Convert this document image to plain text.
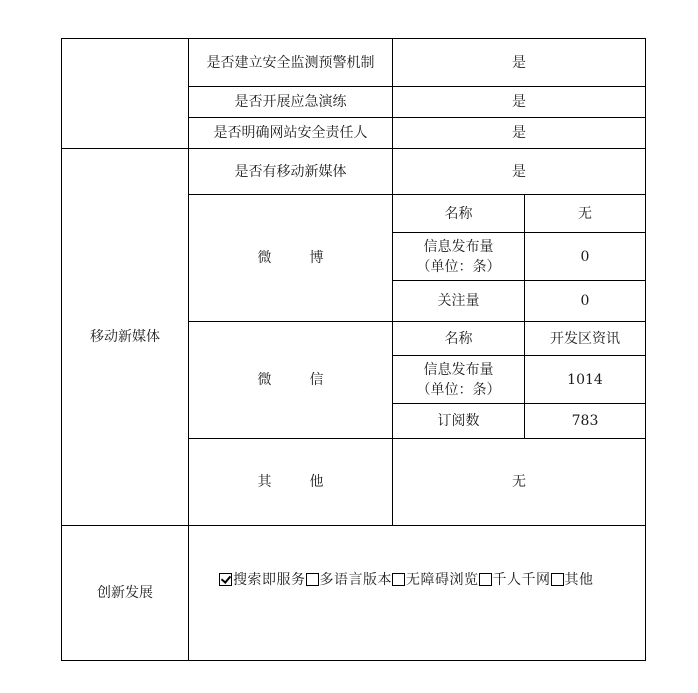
	是否建立安全监测预警机制	是	
	是否开展应急演练	是	
	是否明确网站安全责任人	是	
移动新媒体	是否有移动新媒体	是	
	微 博	名称	无

		信息发布量
（单位：条）	0
		关注量	0
	微 信	名称	开发区资讯

		信息发布量
（单位：条）	1014
		订阅数	783
	其 他	无	
创新发展	搜索即服务 多语言版本 无障碍浏览 千人千网 其他		
